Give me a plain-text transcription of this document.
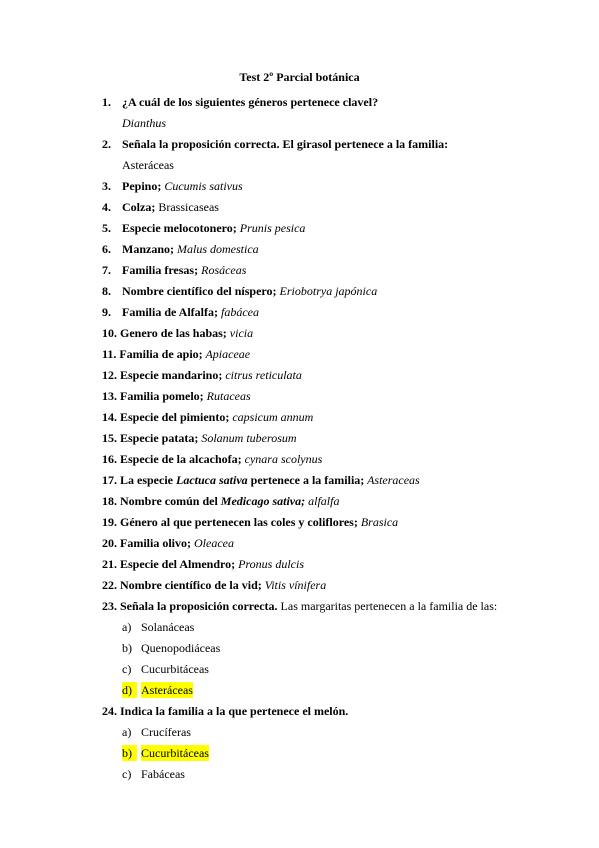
Test 2º Parcial botánica
1. ¿A cuál de los siguientes géneros pertenece clavel?
Dianthus
2. Señala la proposición correcta. El girasol pertenece a la familia:
Asteráceas
3. Pepino; Cucumis sativus
4. Colza; Brassicaseas
5. Especie melocotonero; Prunis pesica
6. Manzano; Malus domestica
7. Familia fresas; Rosáceas
8. Nombre científico del níspero; Eriobotrya japónica
9. Familia de Alfalfa; fabácea
10. Genero de las habas; vicia
11. Familia de apio; Apiaceae
12. Especie mandarino; citrus reticulata
13. Familia pomelo; Rutaceas
14. Especie del pimiento; capsicum annum
15. Especie patata; Solanum tuberosum
16. Especie de la alcachofa; cynara scolynus
17. La especie Lactuca sativa pertenece a la familia; Asteraceas
18. Nombre común del Medicago sativa; alfalfa
19. Género al que pertenecen las coles y coliflores; Brasica
20. Familia olivo; Oleacea
21. Especie del Almendro; Pronus dulcis
22. Nombre científico de la vid; Vitis vínifera
23. Señala la proposición correcta. Las margaritas pertenecen a la familia de las:
a) Solanáceas
b) Quenopodiáceas
c) Cucurbitáceas
d) Asteráceas
24. Indica la familia a la que pertenece el melón.
a) Crucíferas
b) Cucurbitáceas
c) Fabáceas
